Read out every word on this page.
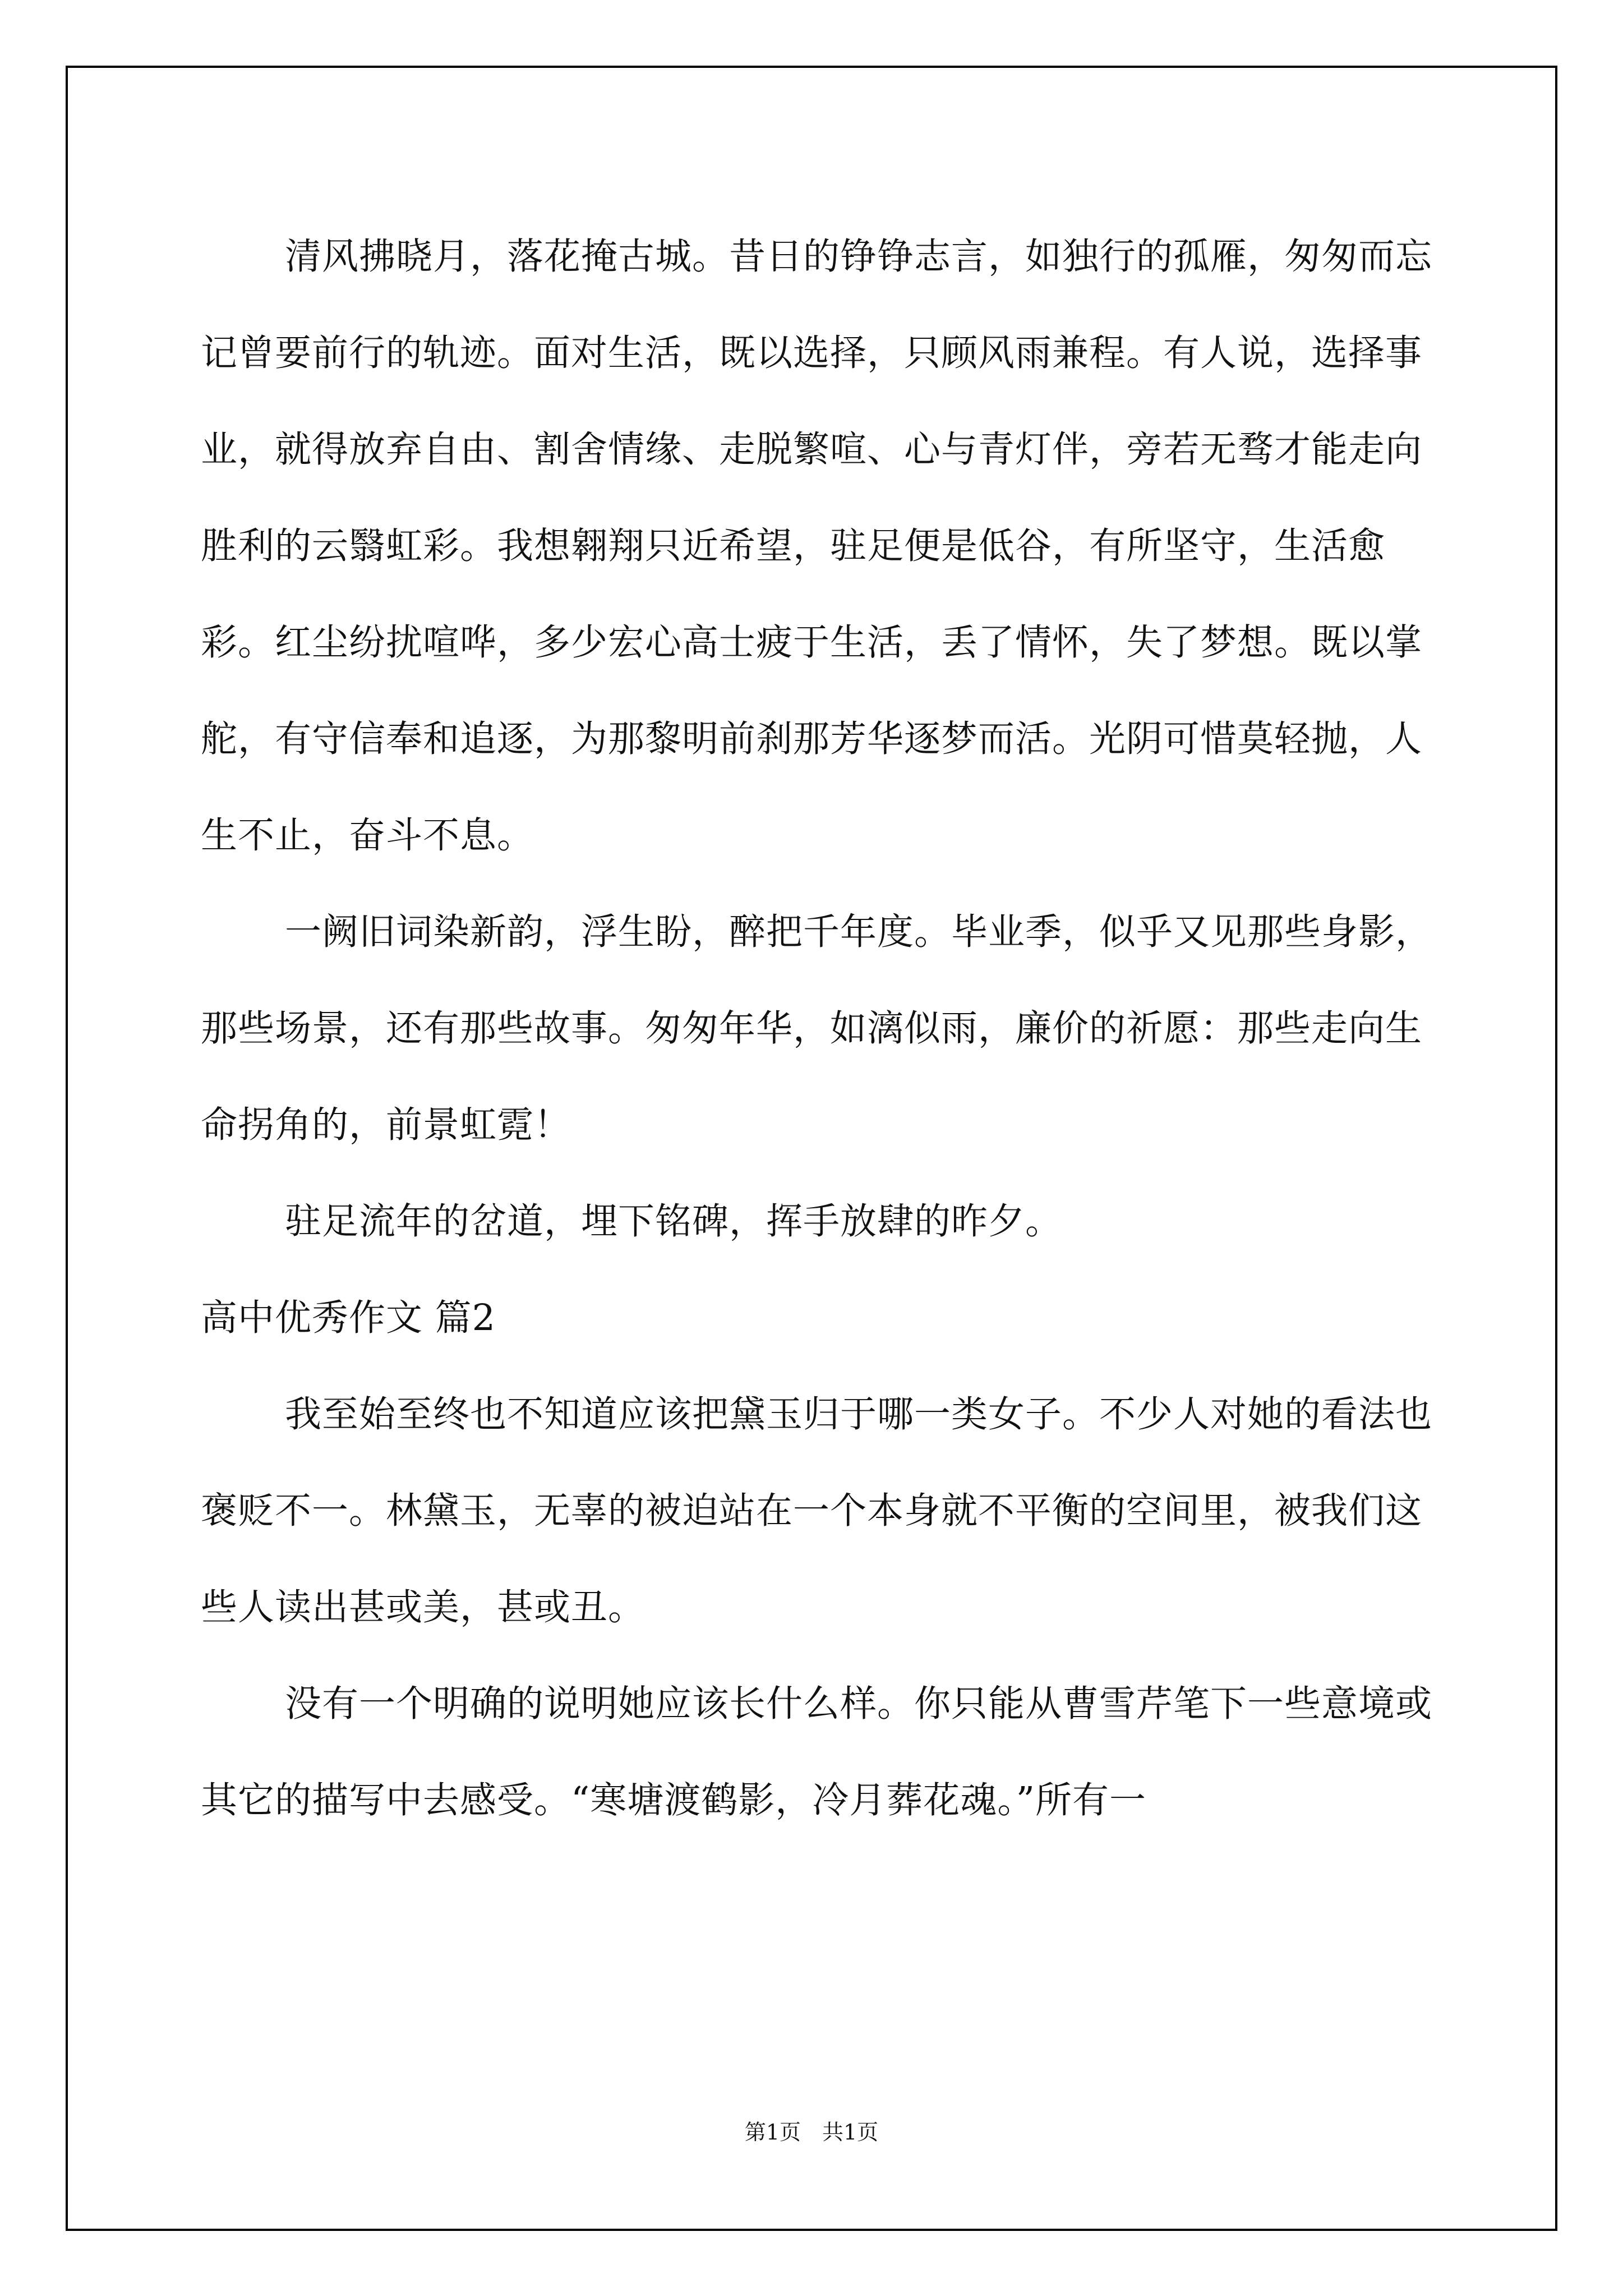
清风拂晓月，落花掩古城。昔日的铮铮志言，如独行的孤雁，匆匆而忘记曾要前行的轨迹。面对生活，既以选择，只顾风雨兼程。有人说，选择事业，就得放弃自由、割舍情缘、走脱繁喧、心与青灯伴，旁若无骛才能走向胜利的云翳虹彩。我想翱翔只近希望，驻足便是低谷，有所坚守，生活愈彩。红尘纷扰喧哗，多少宏心高士疲于生活，丢了情怀，失了梦想。既以掌舵，有守信奉和追逐，为那黎明前刹那芳华逐梦而活。光阴可惜莫轻抛，人生不止，奋斗不息。

一阙旧词染新韵，浮生盼，醉把千年度。毕业季，似乎又见那些身影，那些场景，还有那些故事。匆匆年华，如漓似雨，廉价的祈愿：那些走向生命拐角的，前景虹霓！

驻足流年的岔道，埋下铭碑，挥手放肆的昨夕。

高中优秀作文 篇2

我至始至终也不知道应该把黛玉归于哪一类女子。不少人对她的看法也褒贬不一。林黛玉，无辜的被迫站在一个本身就不平衡的空间里，被我们这些人读出甚或美，甚或丑。

没有一个明确的说明她应该长什么样。你只能从曹雪芹笔下一些意境或其它的描写中去感受。“寒塘渡鹤影，冷月葬花魂。”所有一

第1页　共1页
